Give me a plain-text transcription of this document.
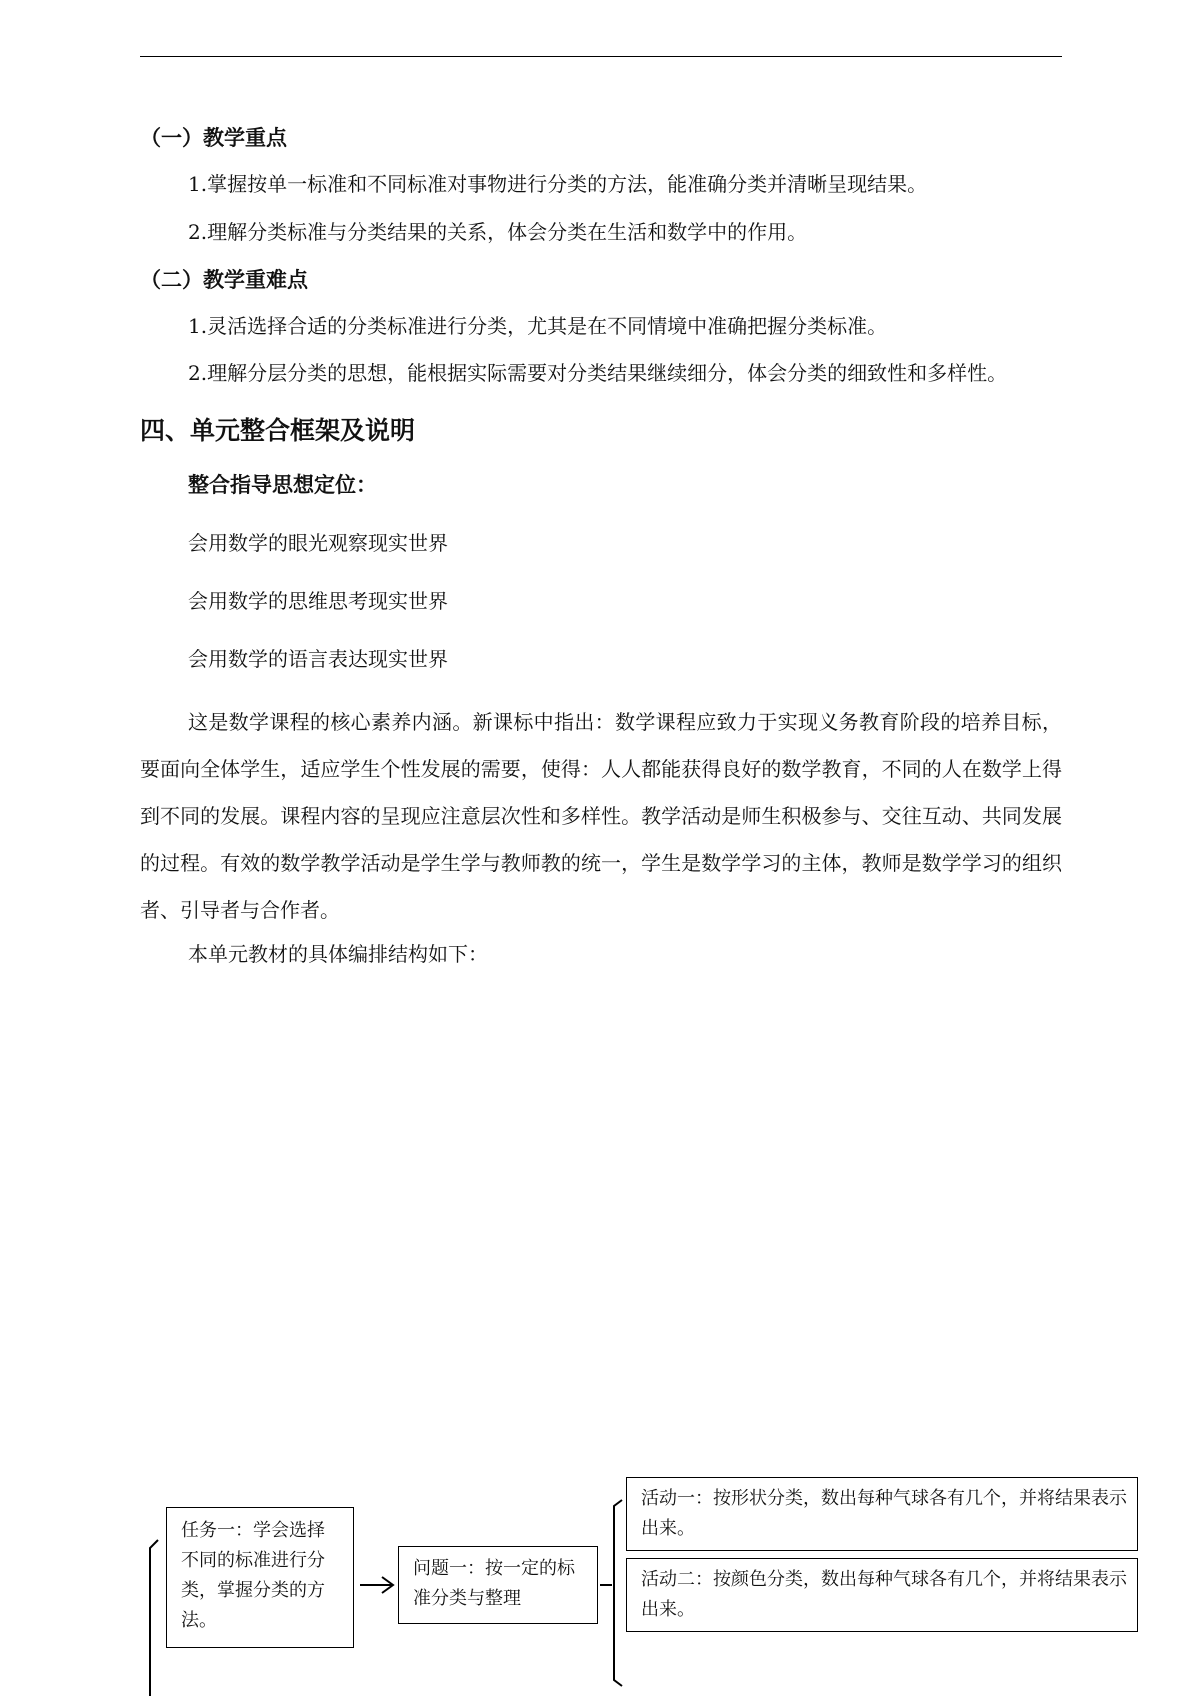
（一）教学重点

1.掌握按单一标准和不同标准对事物进行分类的方法，能准确分类并清晰呈现结果。

2.理解分类标准与分类结果的关系，体会分类在生活和数学中的作用。

（二）教学重难点

1.灵活选择合适的分类标准进行分类，尤其是在不同情境中准确把握分类标准。

2.理解分层分类的思想，能根据实际需要对分类结果继续细分，体会分类的细致性和多样性。

四、单元整合框架及说明
整合指导思想定位：
会用数学的眼光观察现实世界
会用数学的思维思考现实世界
会用数学的语言表达现实世界

这是数学课程的核心素养内涵。新课标中指出：数学课程应致力于实现义务教育阶段的培养目标，要面向全体学生，适应学生个性发展的需要，使得：人人都能获得良好的数学教育，不同的人在数学上得到不同的发展。课程内容的呈现应注意层次性和多样性。教学活动是师生积极参与、交往互动、共同发展的过程。有效的数学教学活动是学生学与教师教的统一，学生是数学学习的主体，教师是数学学习的组织者、引导者与合作者。

本单元教材的具体编排结构如下：

任务一：学会选择不同的标准进行分类，掌握分类的方法。
问题一：按一定的标准分类与整理
活动一：按形状分类，数出每种气球各有几个，并将结果表示出来。
活动二：按颜色分类，数出每种气球各有几个，并将结果表示出来。
